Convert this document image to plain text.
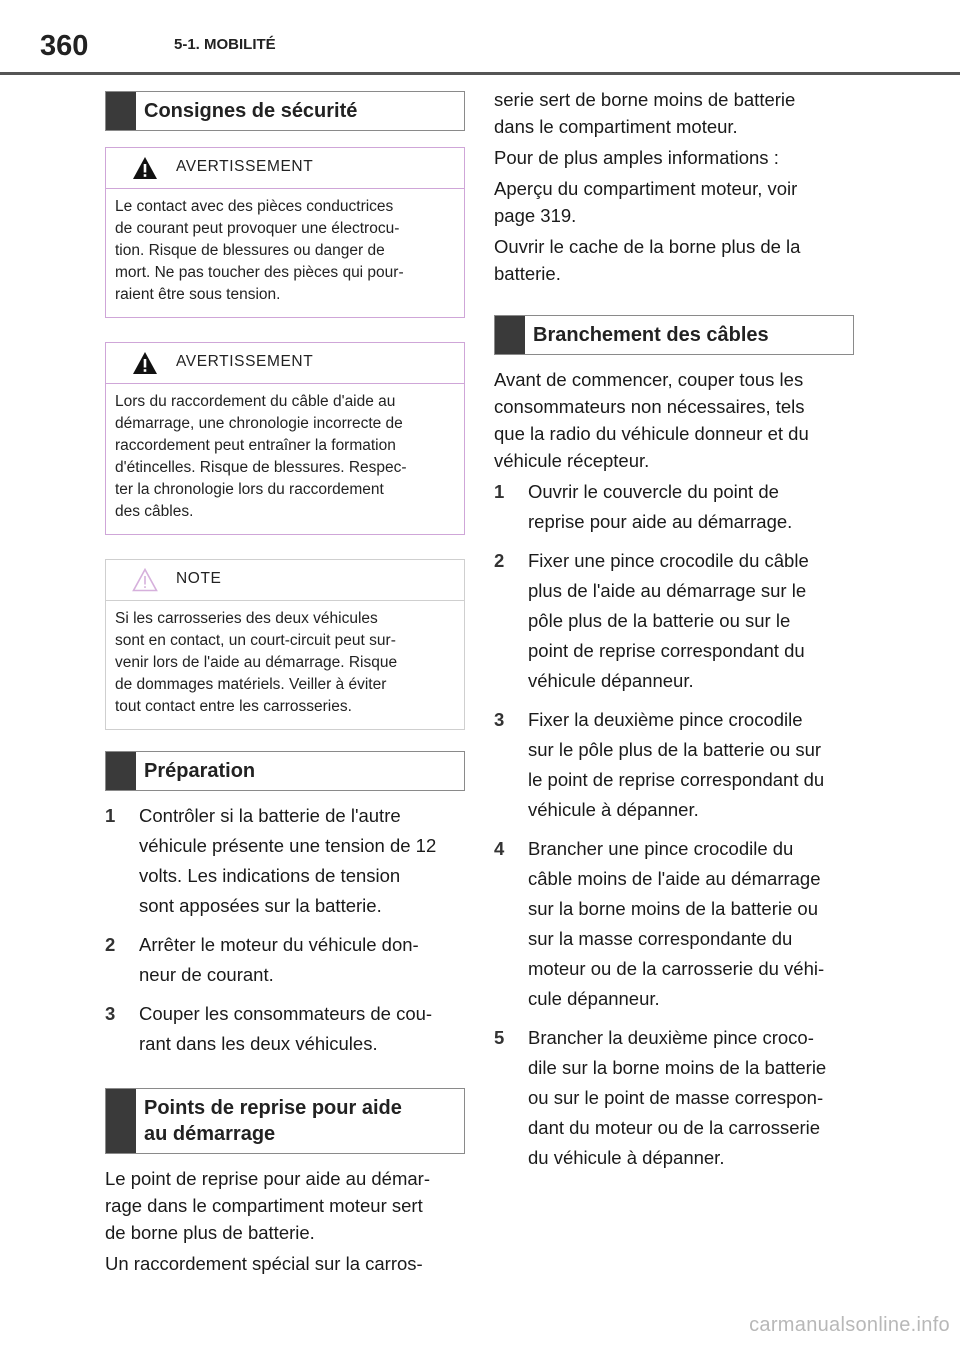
360	5-1. MOBILITÉ
Consignes de sécurité
AVERTISSEMENT
Le contact avec des pièces conductrices
de courant peut provoquer une électrocu-
tion. Risque de blessures ou danger de
mort. Ne pas toucher des pièces qui pour-
raient être sous tension.
AVERTISSEMENT
Lors du raccordement du câble d'aide au
démarrage, une chronologie incorrecte de
raccordement peut entraîner la formation
d'étincelles. Risque de blessures. Respec-
ter la chronologie lors du raccordement
des câbles.
NOTE
Si les carrosseries des deux véhicules
sont en contact, un court-circuit peut sur-
venir lors de l'aide au démarrage. Risque
de dommages matériels. Veiller à éviter
tout contact entre les carrosseries.
Préparation
1 Contrôler si la batterie de l'autre
véhicule présente une tension de 12
volts. Les indications de tension
sont apposées sur la batterie.
2 Arrêter le moteur du véhicule don-
neur de courant.
3 Couper les consommateurs de cou-
rant dans les deux véhicules.
Points de reprise pour aide
au démarrage

Le point de reprise pour aide au démar-
rage dans le compartiment moteur sert
de borne plus de batterie.

Un raccordement spécial sur la carros-

serie sert de borne moins de batterie
dans le compartiment moteur.

Pour de plus amples informations :

Aperçu du compartiment moteur, voir
page 319.

Ouvrir le cache de la borne plus de la
batterie.

Branchement des câbles

Avant de commencer, couper tous les
consommateurs non nécessaires, tels
que la radio du véhicule donneur et du
véhicule récepteur.

1 Ouvrir le couvercle du point de
reprise pour aide au démarrage.
2 Fixer une pince crocodile du câble
plus de l'aide au démarrage sur le
pôle plus de la batterie ou sur le
point de reprise correspondant du
véhicule dépanneur.
3 Fixer la deuxième pince crocodile
sur le pôle plus de la batterie ou sur
le point de reprise correspondant du
véhicule à dépanner.
4 Brancher une pince crocodile du
câble moins de l'aide au démarrage
sur la borne moins de la batterie ou
sur la masse correspondante du
moteur ou de la carrosserie du véhi-
cule dépanneur.
5 Brancher la deuxième pince croco-
dile sur la borne moins de la batterie
ou sur le point de masse correspon-
dant du moteur ou de la carrosserie
du véhicule à dépanner.
carmanualsonline.info
